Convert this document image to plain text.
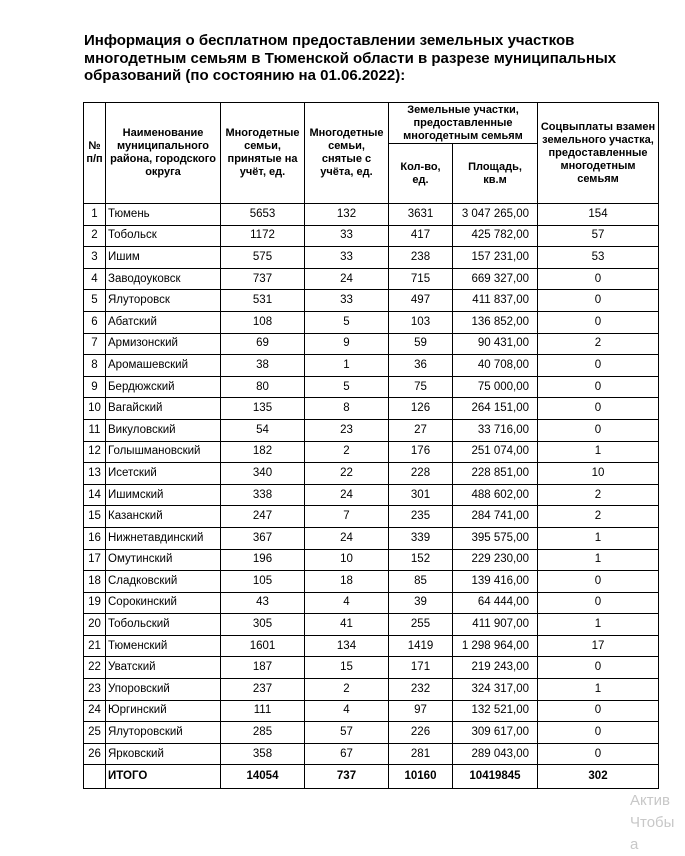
Информация о бесплатном предоставлении земельных участков многодетным семьям в Тюменской области в разрезе муниципальных образований (по состоянию на 01.06.2022):
№ п/п	Наименование муниципального района, городского округа	Многодетные семьи, принятые на учёт, ед.	Многодетные семьи, снятые с учёта, ед.	Земельные участки, предоставленные многодетным семьям		Соцвыплаты взамен земельного участка, предоставленные многодетным семьям
				Кол-во, ед.	Площадь, кв.м	
1	Тюмень	5653	132	3631	3 047 265,00	154
2	Тобольск	1172	33	417	425 782,00	57
3	Ишим	575	33	238	157 231,00	53
4	Заводоуковск	737	24	715	669 327,00	0
5	Ялуторовск	531	33	497	411 837,00	0
6	Абатский	108	5	103	136 852,00	0
7	Армизонский	69	9	59	90 431,00	2
8	Аромашевский	38	1	36	40 708,00	0
9	Бердюжский	80	5	75	75 000,00	0
10	Вагайский	135	8	126	264 151,00	0
11	Викуловский	54	23	27	33 716,00	0
12	Голышмановский	182	2	176	251 074,00	1
13	Исетский	340	22	228	228 851,00	10
14	Ишимский	338	24	301	488 602,00	2
15	Казанский	247	7	235	284 741,00	2
16	Нижнетавдинский	367	24	339	395 575,00	1
17	Омутинский	196	10	152	229 230,00	1
18	Сладковский	105	18	85	139 416,00	0
19	Сорокинский	43	4	39	64 444,00	0
20	Тобольский	305	41	255	411 907,00	1
21	Тюменский	1601	134	1419	1 298 964,00	17
22	Уватский	187	15	171	219 243,00	0
23	Упоровский	237	2	232	324 317,00	1
24	Юргинский	111	4	97	132 521,00	0
25	Ялуторовский	285	57	226	309 617,00	0
26	Ярковский	358	67	281	289 043,00	0
	ИТОГО	14054	737	10160	10419845	302
Актив
Чтобы а
